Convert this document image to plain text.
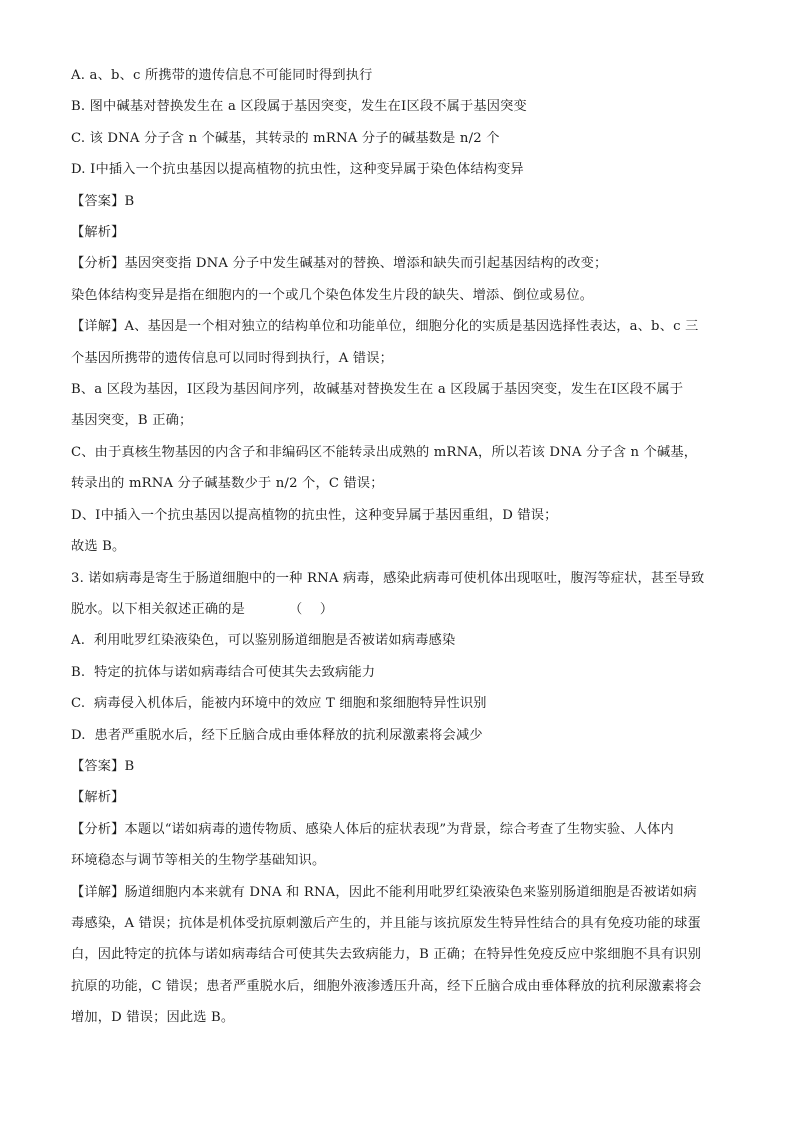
A. a、b、c 所携带的遗传信息不可能同时得到执行
B. 图中碱基对替换发生在 a 区段属于基因突变，发生在Ⅰ区段不属于基因突变
C. 该 DNA 分子含 n 个碱基，其转录的 mRNA 分子的碱基数是 n/2 个
D. Ⅰ中插入一个抗虫基因以提高植物的抗虫性，这种变异属于染色体结构变异
【答案】B
【解析】
【分析】基因突变指 DNA 分子中发生碱基对的替换、增添和缺失而引起基因结构的改变；
染色体结构变异是指在细胞内的一个或几个染色体发生片段的缺失、增添、倒位或易位。
【详解】A、基因是一个相对独立的结构单位和功能单位，细胞分化的实质是基因选择性表达，a、b、c 三
个基因所携带的遗传信息可以同时得到执行，A 错误；
B、a 区段为基因，Ⅰ区段为基因间序列，故碱基对替换发生在 a 区段属于基因突变，发生在Ⅰ区段不属于
基因突变，B 正确；
C、由于真核生物基因的内含子和非编码区不能转录出成熟的 mRNA，所以若该 DNA 分子含 n 个碱基，
转录出的 mRNA 分子碱基数少于 n/2 个，C 错误；
D、Ⅰ中插入一个抗虫基因以提高植物的抗虫性，这种变异属于基因重组，D 错误；
故选 B。
3. 诺如病毒是寄生于肠道细胞中的一种 RNA 病毒，感染此病毒可使机体出现呕吐，腹泻等症状，甚至导致
脱水。以下相关叙述正确的是          （    ）
A.  利用吡罗红染液染色，可以鉴别肠道细胞是否被诺如病毒感染
B.  特定的抗体与诺如病毒结合可使其失去致病能力
C.  病毒侵入机体后，能被内环境中的效应 T 细胞和浆细胞特异性识别
D.  患者严重脱水后，经下丘脑合成由垂体释放的抗利尿激素将会减少
【答案】B
【解析】
【分析】本题以“诺如病毒的遗传物质、感染人体后的症状表现”为背景，综合考查了生物实验、人体内
环境稳态与调节等相关的生物学基础知识。
【详解】肠道细胞内本来就有 DNA 和 RNA，因此不能利用吡罗红染液染色来鉴别肠道细胞是否被诺如病
毒感染，A 错误；抗体是机体受抗原刺激后产生的，并且能与该抗原发生特异性结合的具有免疫功能的球蛋
白，因此特定的抗体与诺如病毒结合可使其失去致病能力，B 正确；在特异性免疫反应中浆细胞不具有识别
抗原的功能，C 错误；患者严重脱水后，细胞外液渗透压升高，经下丘脑合成由垂体释放的抗利尿激素将会
增加，D 错误；因此选 B。
